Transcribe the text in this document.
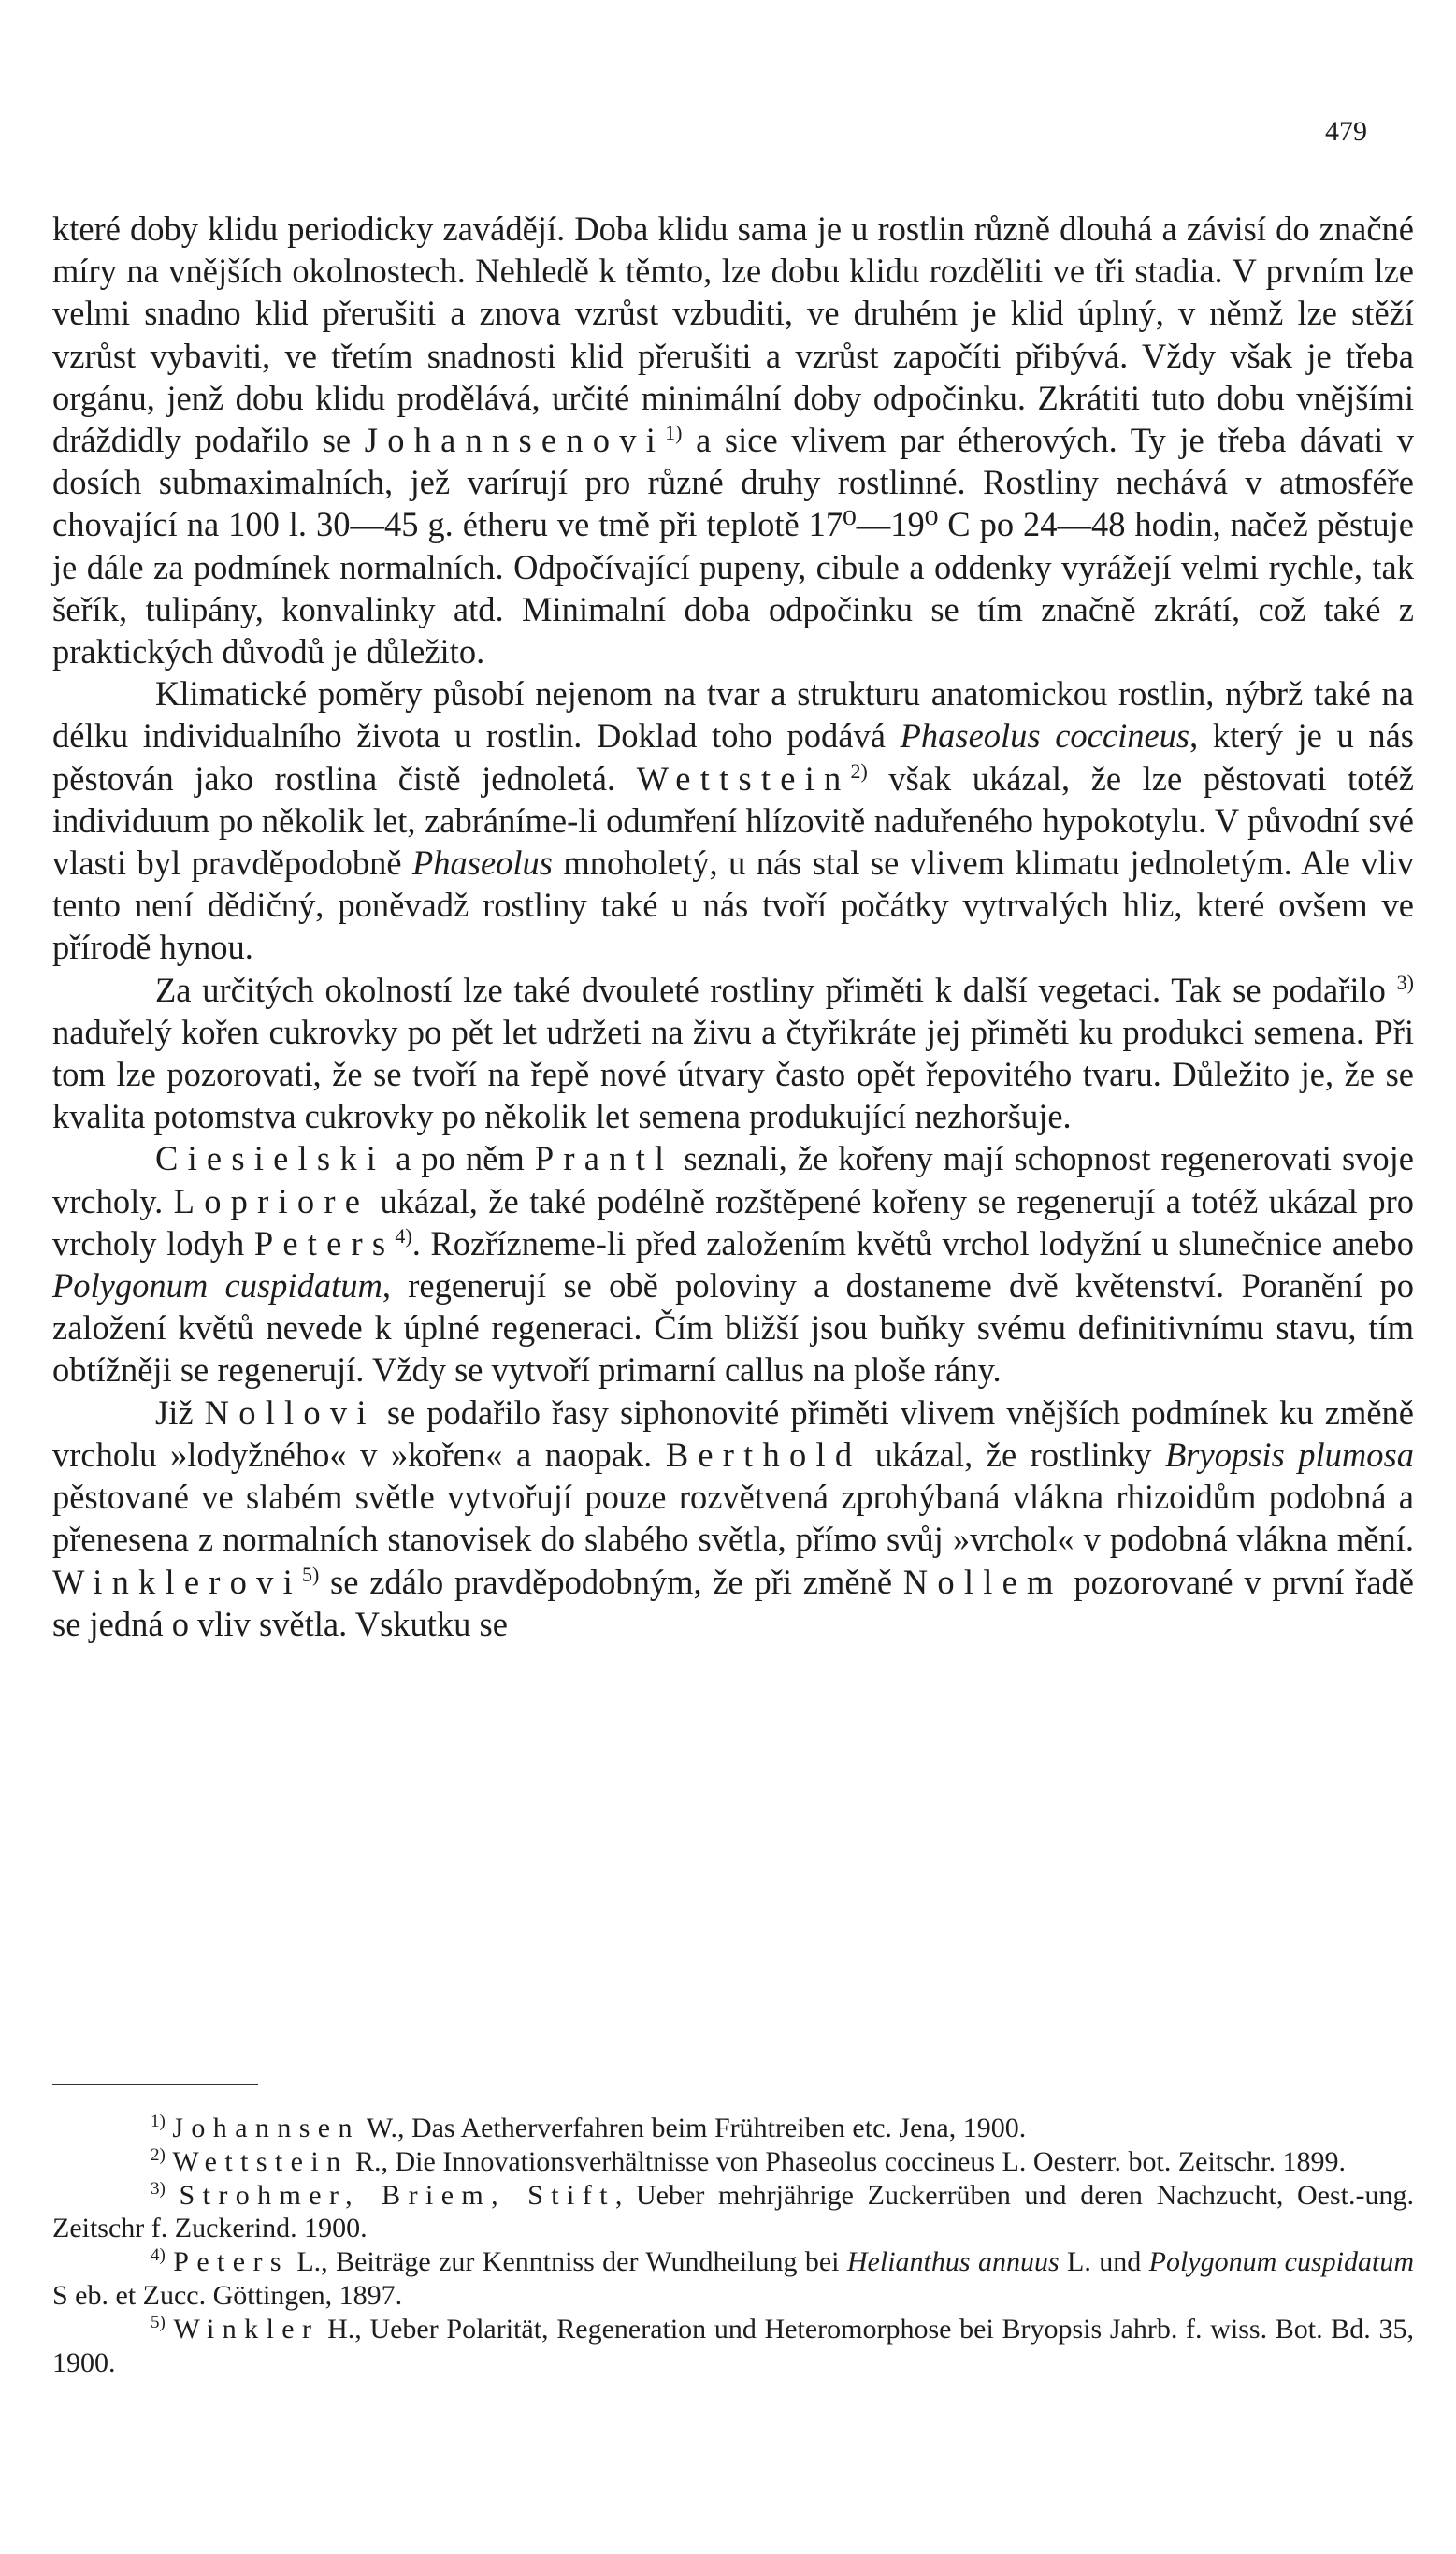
479

které doby klidu periodicky zavádějí. Doba klidu sama je u rostlin různě dlouhá a závisí do značné míry na vnějších okolnostech. Nehledě k těmto, lze dobu klidu rozděliti ve tři stadia. V prvním lze velmi snadno klid přerušiti a znova vzrůst vzbuditi, ve druhém je klid úplný, v němž lze stěží vzrůst vybaviti, ve třetím snadnosti klid přerušiti a vzrůst započíti přibývá. Vždy však je třeba orgánu, jenž dobu klidu prodělává, určité minimální doby odpočinku. Zkrátiti tuto dobu vnějšími dráždidly podařilo se Johannsenovi$^{1)}$ a sice vlivem par étherových. Ty je třeba dávati v dosích submaximalních, jež varírují pro různé druhy rostlinné. Rostliny nechává v atmosféře chovající na 100 l. 30—45 g. étheru ve tmě při teplotě 17⁰—19⁰ C po 24—48 hodin, načež pěstuje je dále za podmínek normalních. Odpočívající pupeny, cibule a oddenky vyrážejí velmi rychle, tak šeřík, tulipány, konvalinky atd. Minimalní doba odpočinku se tím značně zkrátí, což také z praktických důvodů je důležito.

Klimatické poměry působí nejenom na tvar a strukturu anatomickou rostlin, nýbrž také na délku individualního života u rostlin. Doklad toho podává Phaseolus coccineus, který je u nás pěstován jako rostlina čistě jednoletá. Wettstein$^{2)}$ však ukázal, že lze pěstovati totéž individuum po několik let, zabráníme-li odumření hlízovitě naduřeného hypokotylu. V původní své vlasti byl pravděpodobně Phaseolus mnoholetý, u nás stal se vlivem klimatu jednoletým. Ale vliv tento není dědičný, poněvadž rostliny také u nás tvoří počátky vytrvalých hliz, které ovšem ve přírodě hynou.

Za určitých okolností lze také dvouleté rostliny přiměti k další vegetaci. Tak se podařilo $^{3)}$ naduřelý kořen cukrovky po pět let udržeti na živu a čtyřikráte jej přiměti ku produkci semena. Při tom lze pozorovati, že se tvoří na řepě nové útvary často opět řepovitého tvaru. Důležito je, že se kvalita potomstva cukrovky po několik let semena produkující nezhoršuje.

Ciesielski a po něm Prantl seznali, že kořeny mají schopnost regenerovati svoje vrcholy. Lopriore ukázal, že také podélně rozštěpené kořeny se regenerují a totéž ukázal pro vrcholy lodyh Peters$^{4)}$. Rozřízneme-li před založením květů vrchol lodyžní u slunečnice anebo Polygonum cuspidatum, regenerují se obě poloviny a dostaneme dvě květenství. Poranění po založení květů nevede k úplné regeneraci. Čím bližší jsou buňky svému definitivnímu stavu, tím obtížněji se regenerují. Vždy se vytvoří primarní callus na ploše rány.

Již Nollovi se podařilo řasy siphonovité přiměti vlivem vnějších podmínek ku změně vrcholu »lodyžného« v »kořen« a naopak. Berthold ukázal, že rostlinky Bryopsis plumosa pěstované ve slabém světle vytvořují pouze rozvětvená zprohýbaná vlákna rhizoidům podobná a přenesena z normalních stanovisek do slabého světla, přímo svůj »vrchol« v podobná vlákna mění. Winklerovi$^{5)}$ se zdálo pravděpodobným, že při změně Nollem pozorované v první řadě se jedná o vliv světla. Vskutku se

$^{1)}$ Johannsen W., Das Aetherverfahren beim Frühtreiben etc. Jena, 1900.

$^{2)}$ Wettstein R., Die Innovationsverhältnisse von Phaseolus coccineus L. Oesterr. bot. Zeitschr. 1899.

$^{3)}$ Strohmer, Briem, Stift, Ueber mehrjährige Zuckerrüben und deren Nachzucht, Oest.-ung. Zeitschr f. Zuckerind. 1900.

$^{4)}$ Peters L., Beiträge zur Kenntniss der Wundheilung bei Helianthus annuus L. und Polygonum cuspidatum S eb. et Zucc. Göttingen, 1897.

$^{5)}$ Winkler H., Ueber Polarität, Regeneration und Heteromorphose bei Bryopsis Jahrb. f. wiss. Bot. Bd. 35, 1900.
